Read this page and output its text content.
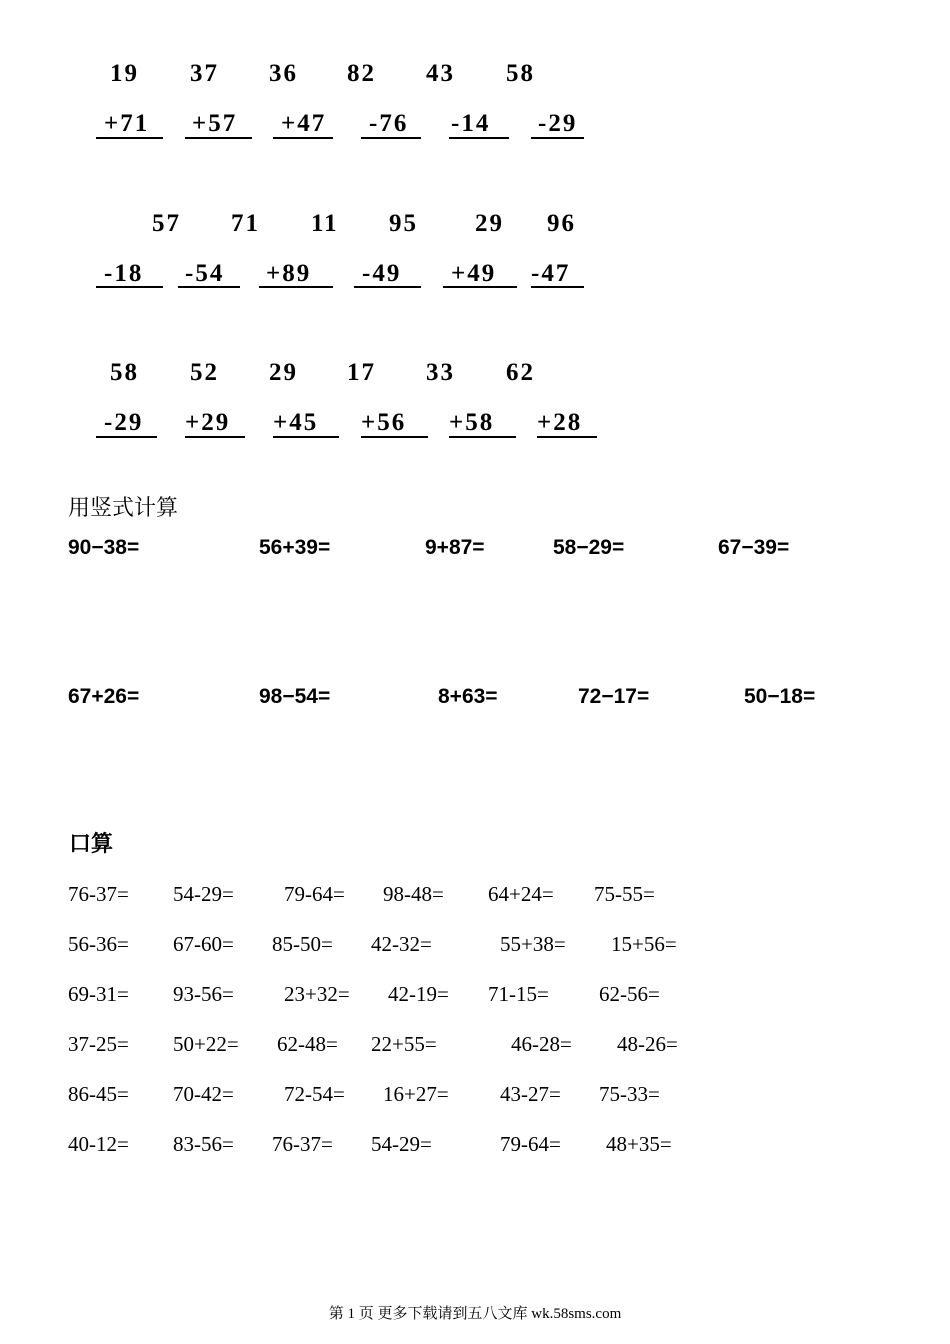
19 37 36 82 43 58
+71 +57 +47 -76 -14 -29
57 71 11 95 29 96
-18 -54 +89 -49 +49 -47
58 52 29 17 33 62
-29 +29 +45 +56 +58 +28
用竖式计算
90−38=	56+39=	9+87=	58−29=	67−39=
67+26=	98−54=	8+63=	72−17=	50−18=
口算
76-37= 54-29= 79-64= 98-48= 64+24= 75-55=
56-36= 67-60= 85-50= 42-32=	55+38= 15+56=
69-31= 93-56= 23+32= 42-19= 71-15= 62-56=
37-25= 50+22= 62-48= 22+55=	46-28= 48-26=
86-45= 70-42= 72-54= 16+27= 43-27= 75-33=
40-12= 83-56= 76-37= 54-29=	79-64= 48+35=
第 1 页 更多下载请到五八文库 wk.58sms.com
